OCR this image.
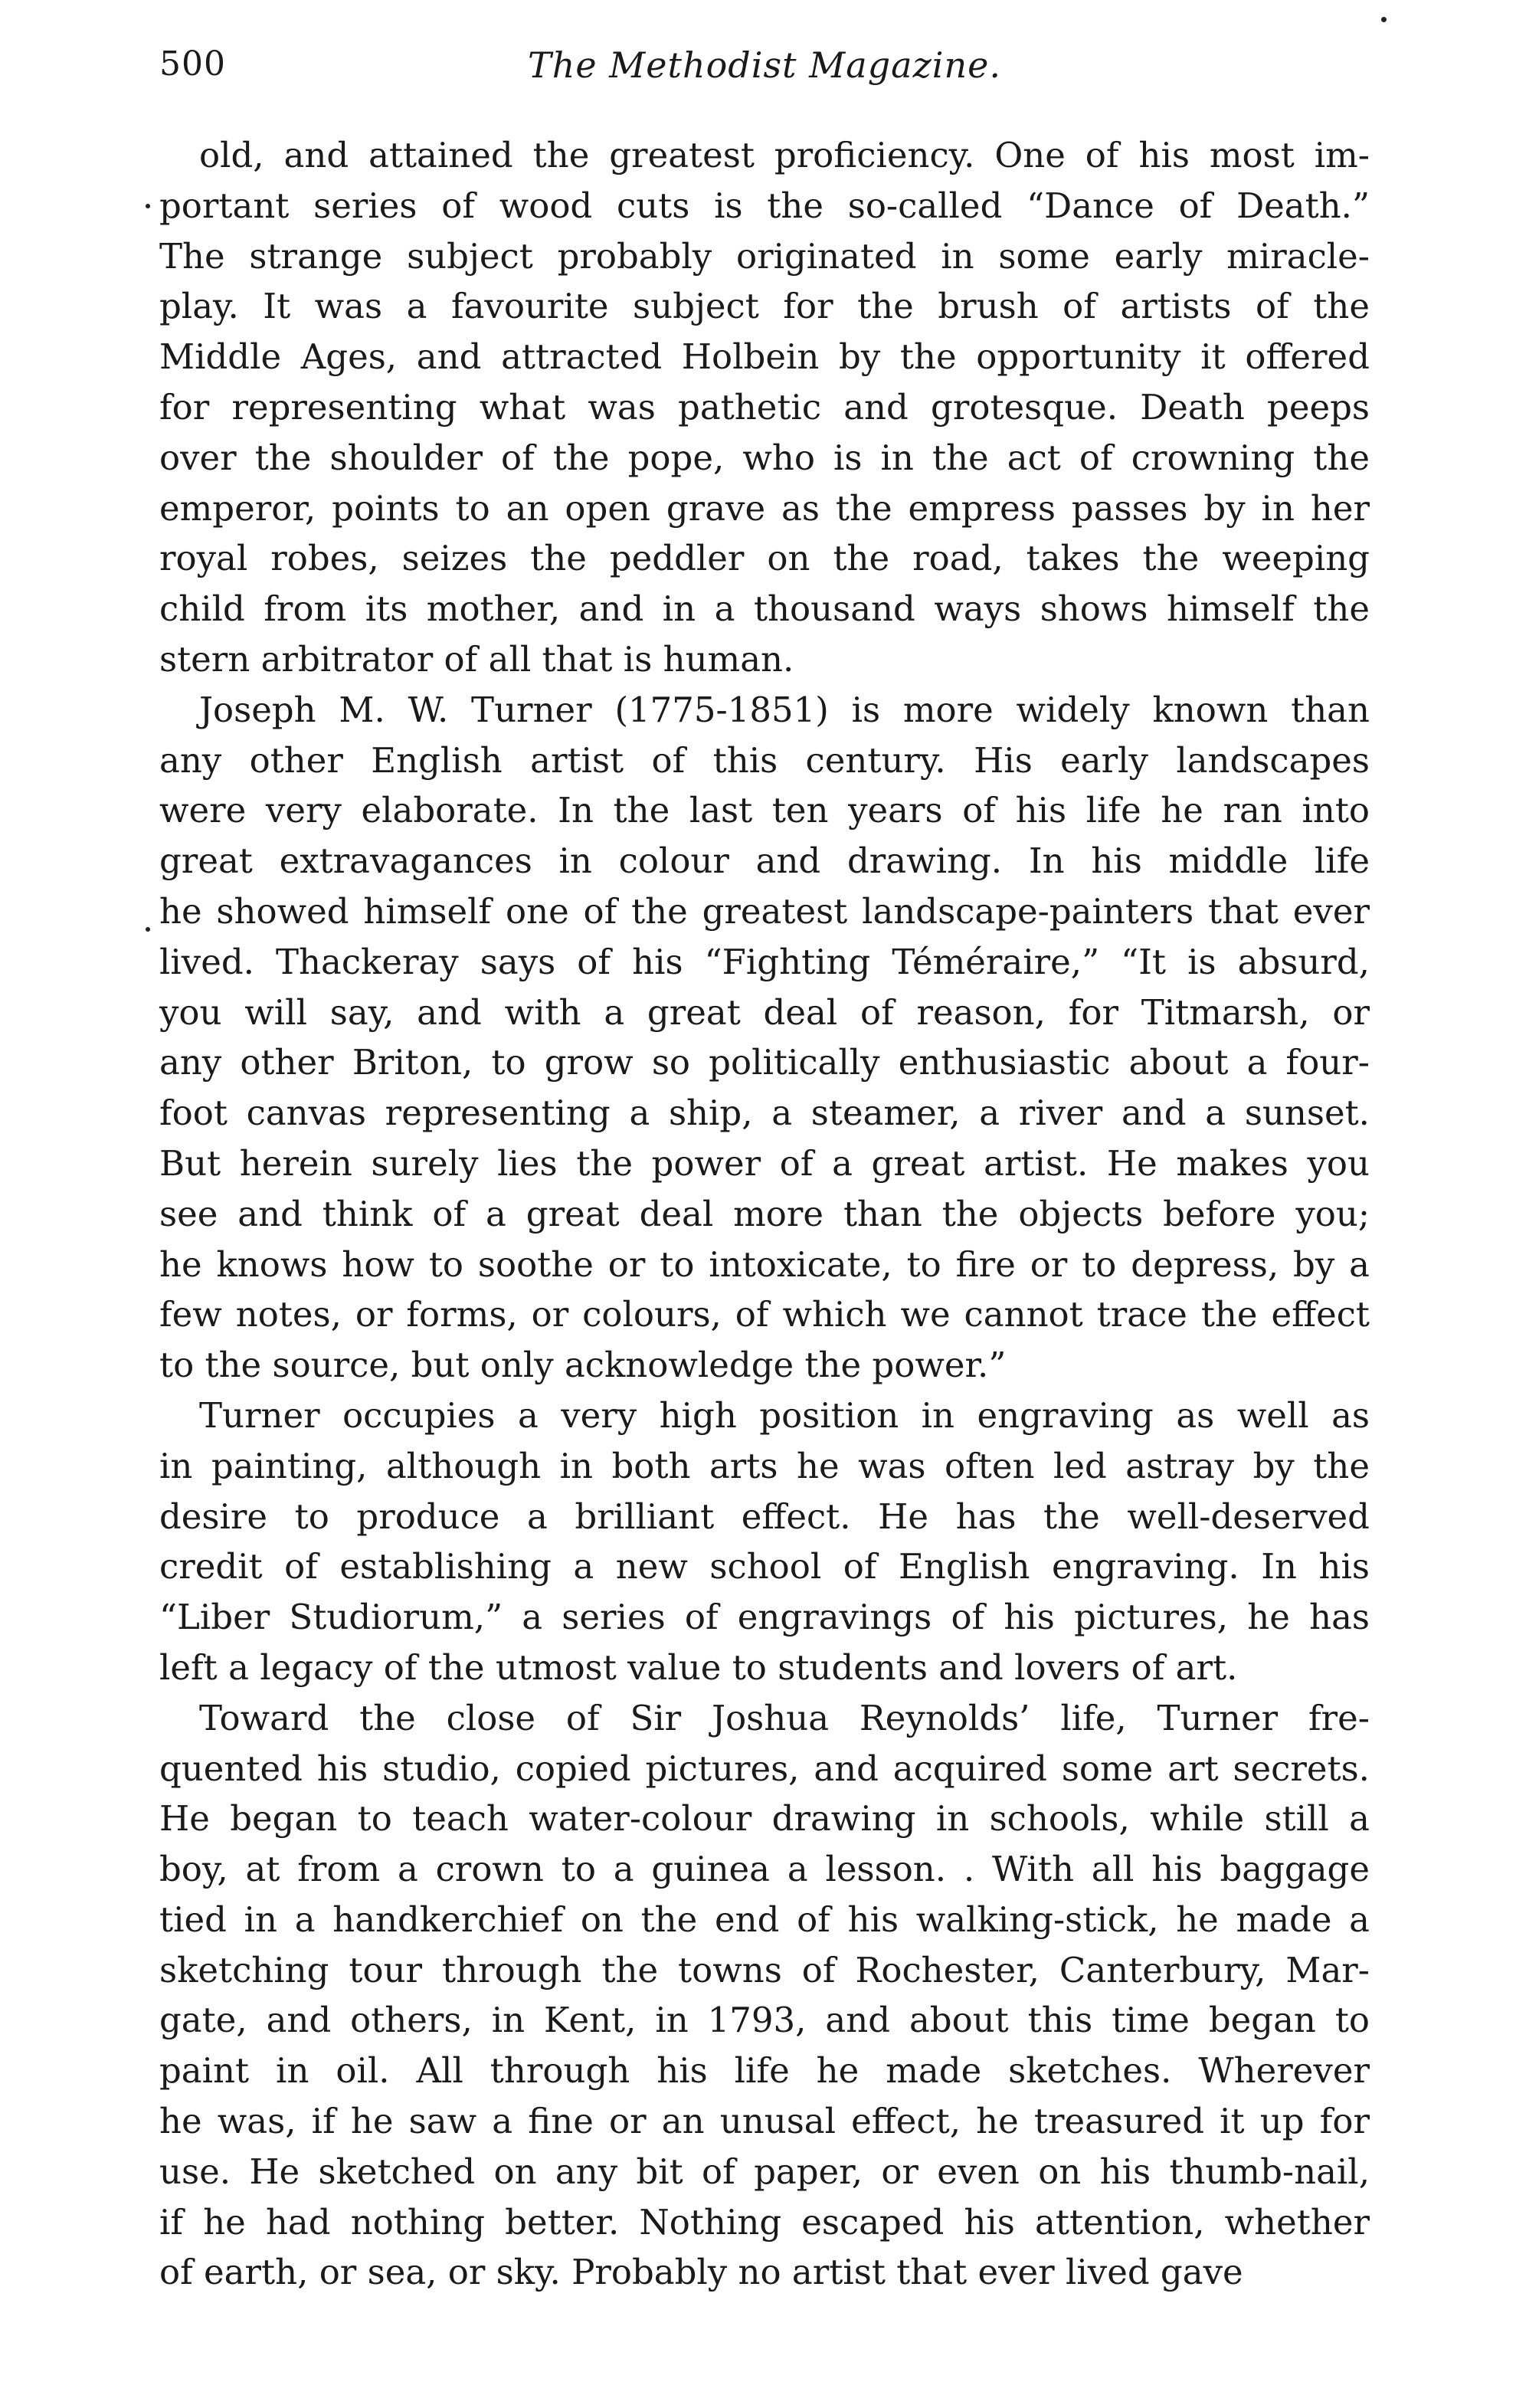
500	The Methodist Magazine.
old, and attained the greatest proficiency. One of his most im-
portant series of wood cuts is the so-called “Dance of Death.”
The strange subject probably originated in some early miracle-
play. It was a favourite subject for the brush of artists of the
Middle Ages, and attracted Holbein by the opportunity it offered
for representing what was pathetic and grotesque. Death peeps
over the shoulder of the pope, who is in the act of crowning the
emperor, points to an open grave as the empress passes by in her
royal robes, seizes the peddler on the road, takes the weeping
child from its mother, and in a thousand ways shows himself the
stern arbitrator of all that is human.
Joseph M. W. Turner (1775-1851) is more widely known than
any other English artist of this century. His early landscapes
were very elaborate. In the last ten years of his life he ran into
great extravagances in colour and drawing. In his middle life
he showed himself one of the greatest landscape-painters that ever
lived. Thackeray says of his “Fighting Téméraire,” “It is absurd,
you will say, and with a great deal of reason, for Titmarsh, or
any other Briton, to grow so politically enthusiastic about a four-
foot canvas representing a ship, a steamer, a river and a sunset.
But herein surely lies the power of a great artist. He makes you
see and think of a great deal more than the objects before you;
he knows how to soothe or to intoxicate, to fire or to depress, by a
few notes, or forms, or colours, of which we cannot trace the effect
to the source, but only acknowledge the power.”
Turner occupies a very high position in engraving as well as
in painting, although in both arts he was often led astray by the
desire to produce a brilliant effect. He has the well-deserved
credit of establishing a new school of English engraving. In his
“Liber Studiorum,” a series of engravings of his pictures, he has
left a legacy of the utmost value to students and lovers of art.
Toward the close of Sir Joshua Reynolds’ life, Turner fre-
quented his studio, copied pictures, and acquired some art secrets.
He began to teach water-colour drawing in schools, while still a
boy, at from a crown to a guinea a lesson. . With all his baggage
tied in a handkerchief on the end of his walking-stick, he made a
sketching tour through the towns of Rochester, Canterbury, Mar-
gate, and others, in Kent, in 1793, and about this time began to
paint in oil. All through his life he made sketches. Wherever
he was, if he saw a fine or an unusal effect, he treasured it up for
use. He sketched on any bit of paper, or even on his thumb-nail,
if he had nothing better. Nothing escaped his attention, whether
of earth, or sea, or sky. Probably no artist that ever lived gave
